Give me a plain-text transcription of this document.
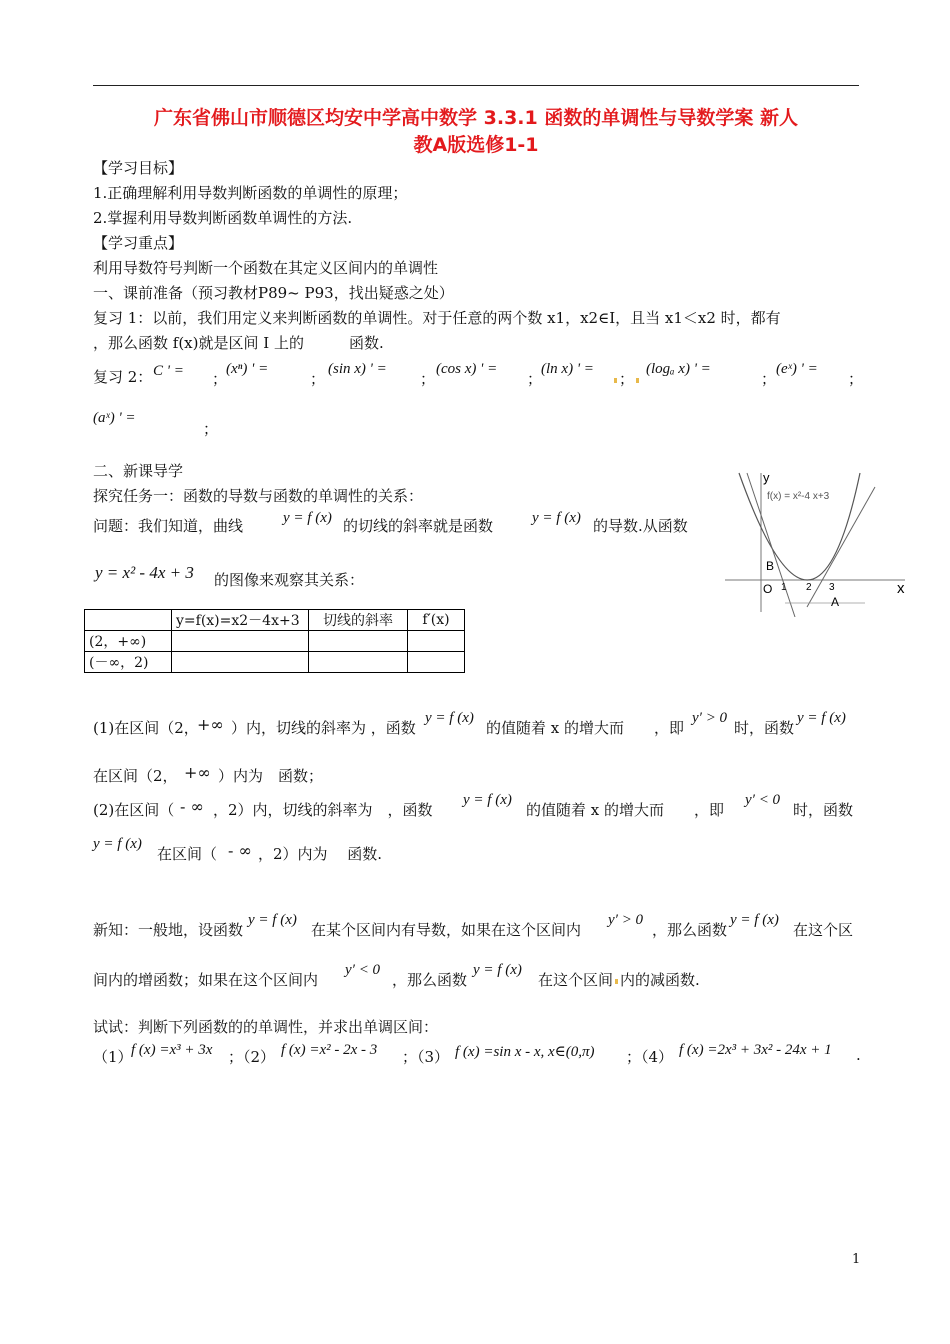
广东省佛山市顺德区均安中学高中数学 3.3.1 函数的单调性与导数学案 新人
教A版选修1-1
【学习目标】
1.正确理解利用导数判断函数的单调性的原理；
2.掌握利用导数判断函数单调性的方法.
【学习重点】
利用导数符号判断一个函数在其定义区间内的单调性
一、课前准备（预习教材P89~ P93，找出疑惑之处）
复习 1：以前，我们用定义来判断函数的单调性。对于任意的两个数 x1，x2∈I，且当 x1＜x2 时，都有
，那么函数 f(x)就是区间 I 上的　　　函数.
复习 2： C ' = ；
(xⁿ) ' =
；
(sin x) ' =
；
(cos x) ' =
；
(ln x) ' =
；
(logₐ x) ' =
；
(eˣ) ' =
；
(aˣ) ' =
；
二、新课导学
探究任务一：函数的导数与函数的单调性的关系：
问题：我们知道，曲线	y = f (x) 的切线的斜率就是函数	y = f (x) 的导数.从函数
y = x² - 4x + 3 的图像来观察其关系：
y
x
f(x) = x²-4 x+3
B
O 1 2 3
A
	y=f(x)=x2－4x+3	切线的斜率	f′(x)
(2，+∞)			
(－∞，2)			
(1)在区间（2，
+∞ ）内，切线的斜率为 ，函数
y = f (x)
的值随着 x 的增大而　　，即
y′ > 0
时，函数
y = f (x)
在区间（2， +∞ ）内为　函数；
(2)在区间（ - ∞ ，2）内，切线的斜率为　，函数
y = f (x)
的值随着 x 的增大而　　，即
y′ < 0
时，函数
y = f (x)
在区间（ - ∞ ，2）内为　 函数.
新知：一般地，设函数
y = f (x)
在某个区间内有导数，如果在这个区间内
y′ > 0
，那么函数
y = f (x)
在这个区
间内的增函数；如果在这个区间内
y′ < 0
，那么函数
y = f (x)
在这个区间 内的减函数.
试试：判断下列函数的的单调性，并求出单调区间：
（1）
f (x) =x³ + 3x ；（2） f (x) =x² - 2x - 3 ；（3） f (x) =sin x - x, x∈(0,π) ；（4） f (x) =2x³ + 3x² - 24x + 1 .
1
